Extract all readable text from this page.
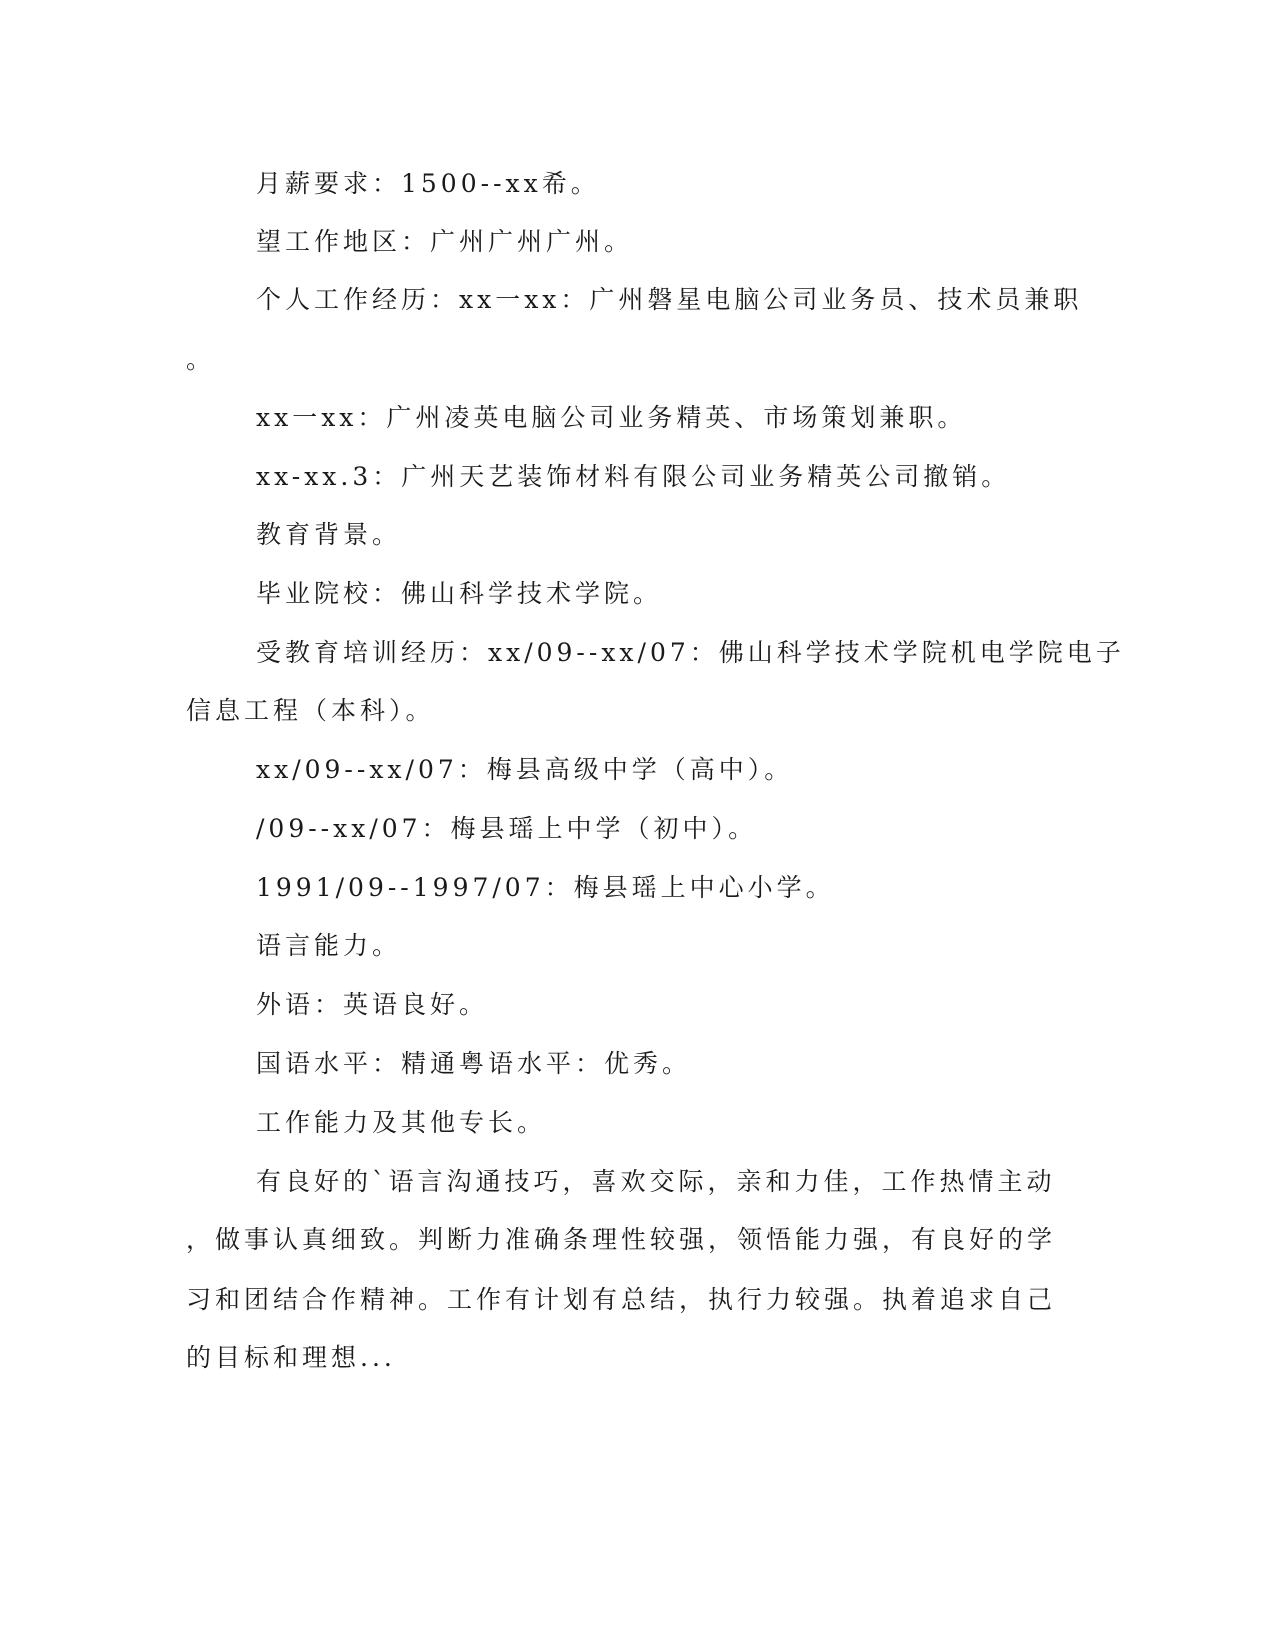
月薪要求：1500--xx希。

望工作地区：广州广州广州。

个人工作经历：xx一xx：广州磐星电脑公司业务员、技术员兼职

。

xx一xx：广州凌英电脑公司业务精英、市场策划兼职。

xx-xx.3：广州天艺装饰材料有限公司业务精英公司撤销。

教育背景。

毕业院校：佛山科学技术学院。

受教育培训经历：xx/09--xx/07：佛山科学技术学院机电学院电子

信息工程（本科）。

xx/09--xx/07：梅县高级中学（高中）。

/09--xx/07：梅县瑶上中学（初中）。

1991/09--1997/07：梅县瑶上中心小学。

语言能力。

外语：英语良好。

国语水平：精通粤语水平：优秀。

工作能力及其他专长。

有良好的`语言沟通技巧，喜欢交际，亲和力佳，工作热情主动

，做事认真细致。判断力准确条理性较强，领悟能力强，有良好的学

习和团结合作精神。工作有计划有总结，执行力较强。执着追求自己

的目标和理想...
